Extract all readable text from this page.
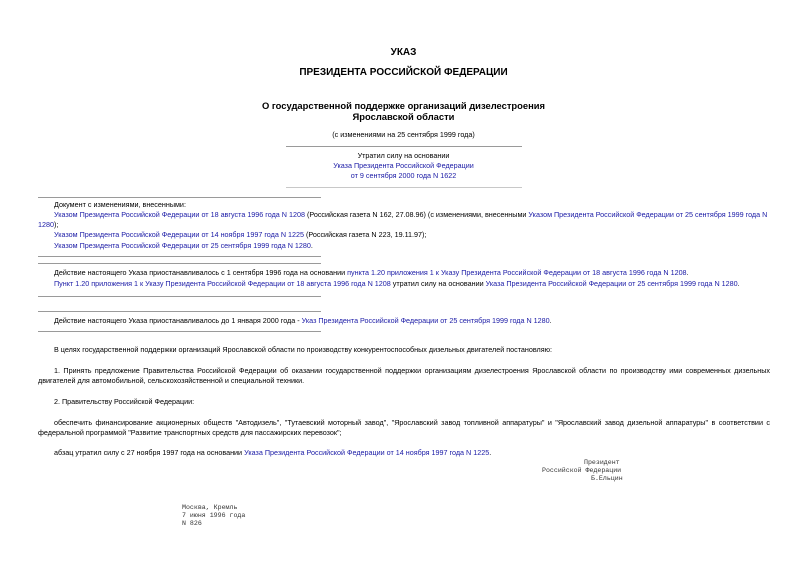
УКАЗ
ПРЕЗИДЕНТА РОССИЙСКОЙ ФЕДЕРАЦИИ
О государственной поддержке организаций дизелестроения
Ярославской области
(с изменениями на 25 сентября 1999 года)
Утратил силу на основании
Указа Президента Российской Федерации
от 9 сентября 2000 года N 1622
Документ с изменениями, внесенными:
Указом Президента Российской Федерации от 18 августа 1996 года N 1208 (Российская газета N 162, 27.08.96) (с изменениями, внесенными Указом Президента Российской Федерации от 25 сентября 1999 года N 1280);
Указом Президента Российской Федерации от 14 ноября 1997 года N 1225 (Российская газета N 223, 19.11.97);
Указом Президента Российской Федерации от 25 сентября 1999 года N 1280.
Действие настоящего Указа приостанавливалось с 1 сентября 1996 года на основании пункта 1.20 приложения 1 к Указу Президента Российской Федерации от 18 августа 1996 года N 1208.
Пункт 1.20 приложения 1 к Указу Президента Российской Федерации от 18 августа 1996 года N 1208 утратил силу на основании Указа Президента Российской Федерации от 25 сентября 1999 года N 1280.
Действие настоящего Указа приостанавливалось до 1 января 2000 года - Указ Президента Российской Федерации от 25 сентября 1999 года N 1280.
В целях государственной поддержки организаций Ярославской области по производству конкурентоспособных дизельных двигателей постановляю:
1. Принять предложение Правительства Российской Федерации об оказании государственной поддержки организациям дизелестроения Ярославской области по производству ими современных дизельных двигателей для автомобильной, сельскохозяйственной и специальной техники.
2. Правительству Российской Федерации:
обеспечить финансирование акционерных обществ "Автодизель", "Тутаевский моторный завод", "Ярославский завод топливной аппаратуры" и "Ярославский завод дизельной аппаратуры" в соответствии с федеральной программой "Развитие транспортных средств для пассажирских перевозок";
абзац утратил силу с 27 ноября 1997 года на основании Указа Президента Российской Федерации от 14 ноября 1997 года N 1225.
Президент
Российской Федерации
Б.Ельцин
Москва, Кремль
7 июня 1996 года
N 826
